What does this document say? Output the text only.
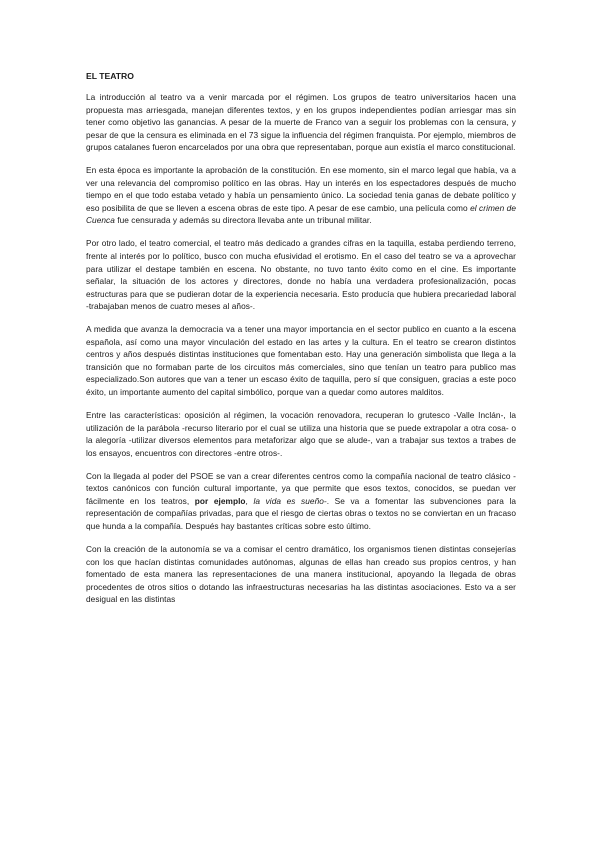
EL TEATRO

La introducción al teatro va a venir marcada por el régimen. Los grupos de teatro universitarios hacen una propuesta mas arriesgada, manejan diferentes textos, y en los grupos independientes podían arriesgar mas sin tener como objetivo las ganancias. A pesar de la muerte de Franco van a seguir los problemas con la censura, y pesar de que la censura es eliminada en el 73 sigue la influencia del régimen franquista. Por ejemplo, miembros de grupos catalanes fueron encarcelados por una obra que representaban, porque aun existía el marco constitucional.

En esta época es importante la aprobación de la constitución. En ese momento, sin el marco legal que había, va a ver una relevancia del compromiso político en las obras. Hay un interés en los espectadores después de mucho tiempo en el que todo estaba vetado y había un pensamiento único. La sociedad tenia ganas de debate político y eso posibilita de que se lleven a escena obras de este tipo. A pesar de ese cambio, una película como el crimen de Cuenca fue censurada y además su directora llevaba ante un tribunal militar.

Por otro lado, el teatro comercial, el teatro más dedicado a grandes cifras en la taquilla, estaba perdiendo terreno, frente al interés por lo político, busco con mucha efusividad el erotismo. En el caso del teatro se va a aprovechar para utilizar el destape también en escena. No obstante, no tuvo tanto éxito como en el cine. Es importante señalar, la situación de los actores y directores, donde no había una verdadera profesionalización, pocas estructuras para que se pudieran dotar de la experiencia necesaria. Esto producía que hubiera precariedad laboral -trabajaban menos de cuatro meses al años-.

A medida que avanza la democracia va a tener una mayor importancia en el sector publico en cuanto a la escena española, así como una mayor vinculación del estado en las artes y la cultura. En el teatro se crearon distintos centros y años después distintas instituciones que fomentaban esto. Hay una generación simbolista que llega a la transición que no formaban parte de los circuitos más comerciales, sino que tenían un teatro para publico mas especializado.Son autores que van a tener un escaso éxito de taquilla, pero sí que consiguen, gracias a este poco éxito, un importante aumento del capital simbólico, porque van a quedar como autores malditos.

Entre las características: oposición al régimen, la vocación renovadora, recuperan lo grutesco -Valle Inclán-, la utilización de la parábola -recurso literario por el cual se utiliza una historia que se puede extrapolar a otra cosa- o la alegoría -utilizar diversos elementos para metaforizar algo que se alude-, van a trabajar sus textos a trabes de los ensayos, encuentros con directores -entre otros-.

Con la llegada al poder del PSOE se van a crear diferentes centros como la compañía nacional de teatro clásico -textos canónicos con función cultural importante, ya que permite que esos textos, conocidos, se puedan ver fácilmente en los teatros, por ejemplo, la vida es sueño-. Se va a fomentar las subvenciones para la representación de compañías privadas, para que el riesgo de ciertas obras o textos no se conviertan en un fracaso que hunda a la compañía. Después hay bastantes críticas sobre esto último.

Con la creación de la autonomía se va a comisar el centro dramático, los organismos tienen distintas consejerías con los que hacían distintas comunidades autónomas, algunas de ellas han creado sus propios centros, y han fomentado de esta manera las representaciones de una manera institucional, apoyando la llegada de obras procedentes de otros sitios o dotando las infraestructuras necesarias ha las distintas asociaciones. Esto va a ser desigual en las distintas
